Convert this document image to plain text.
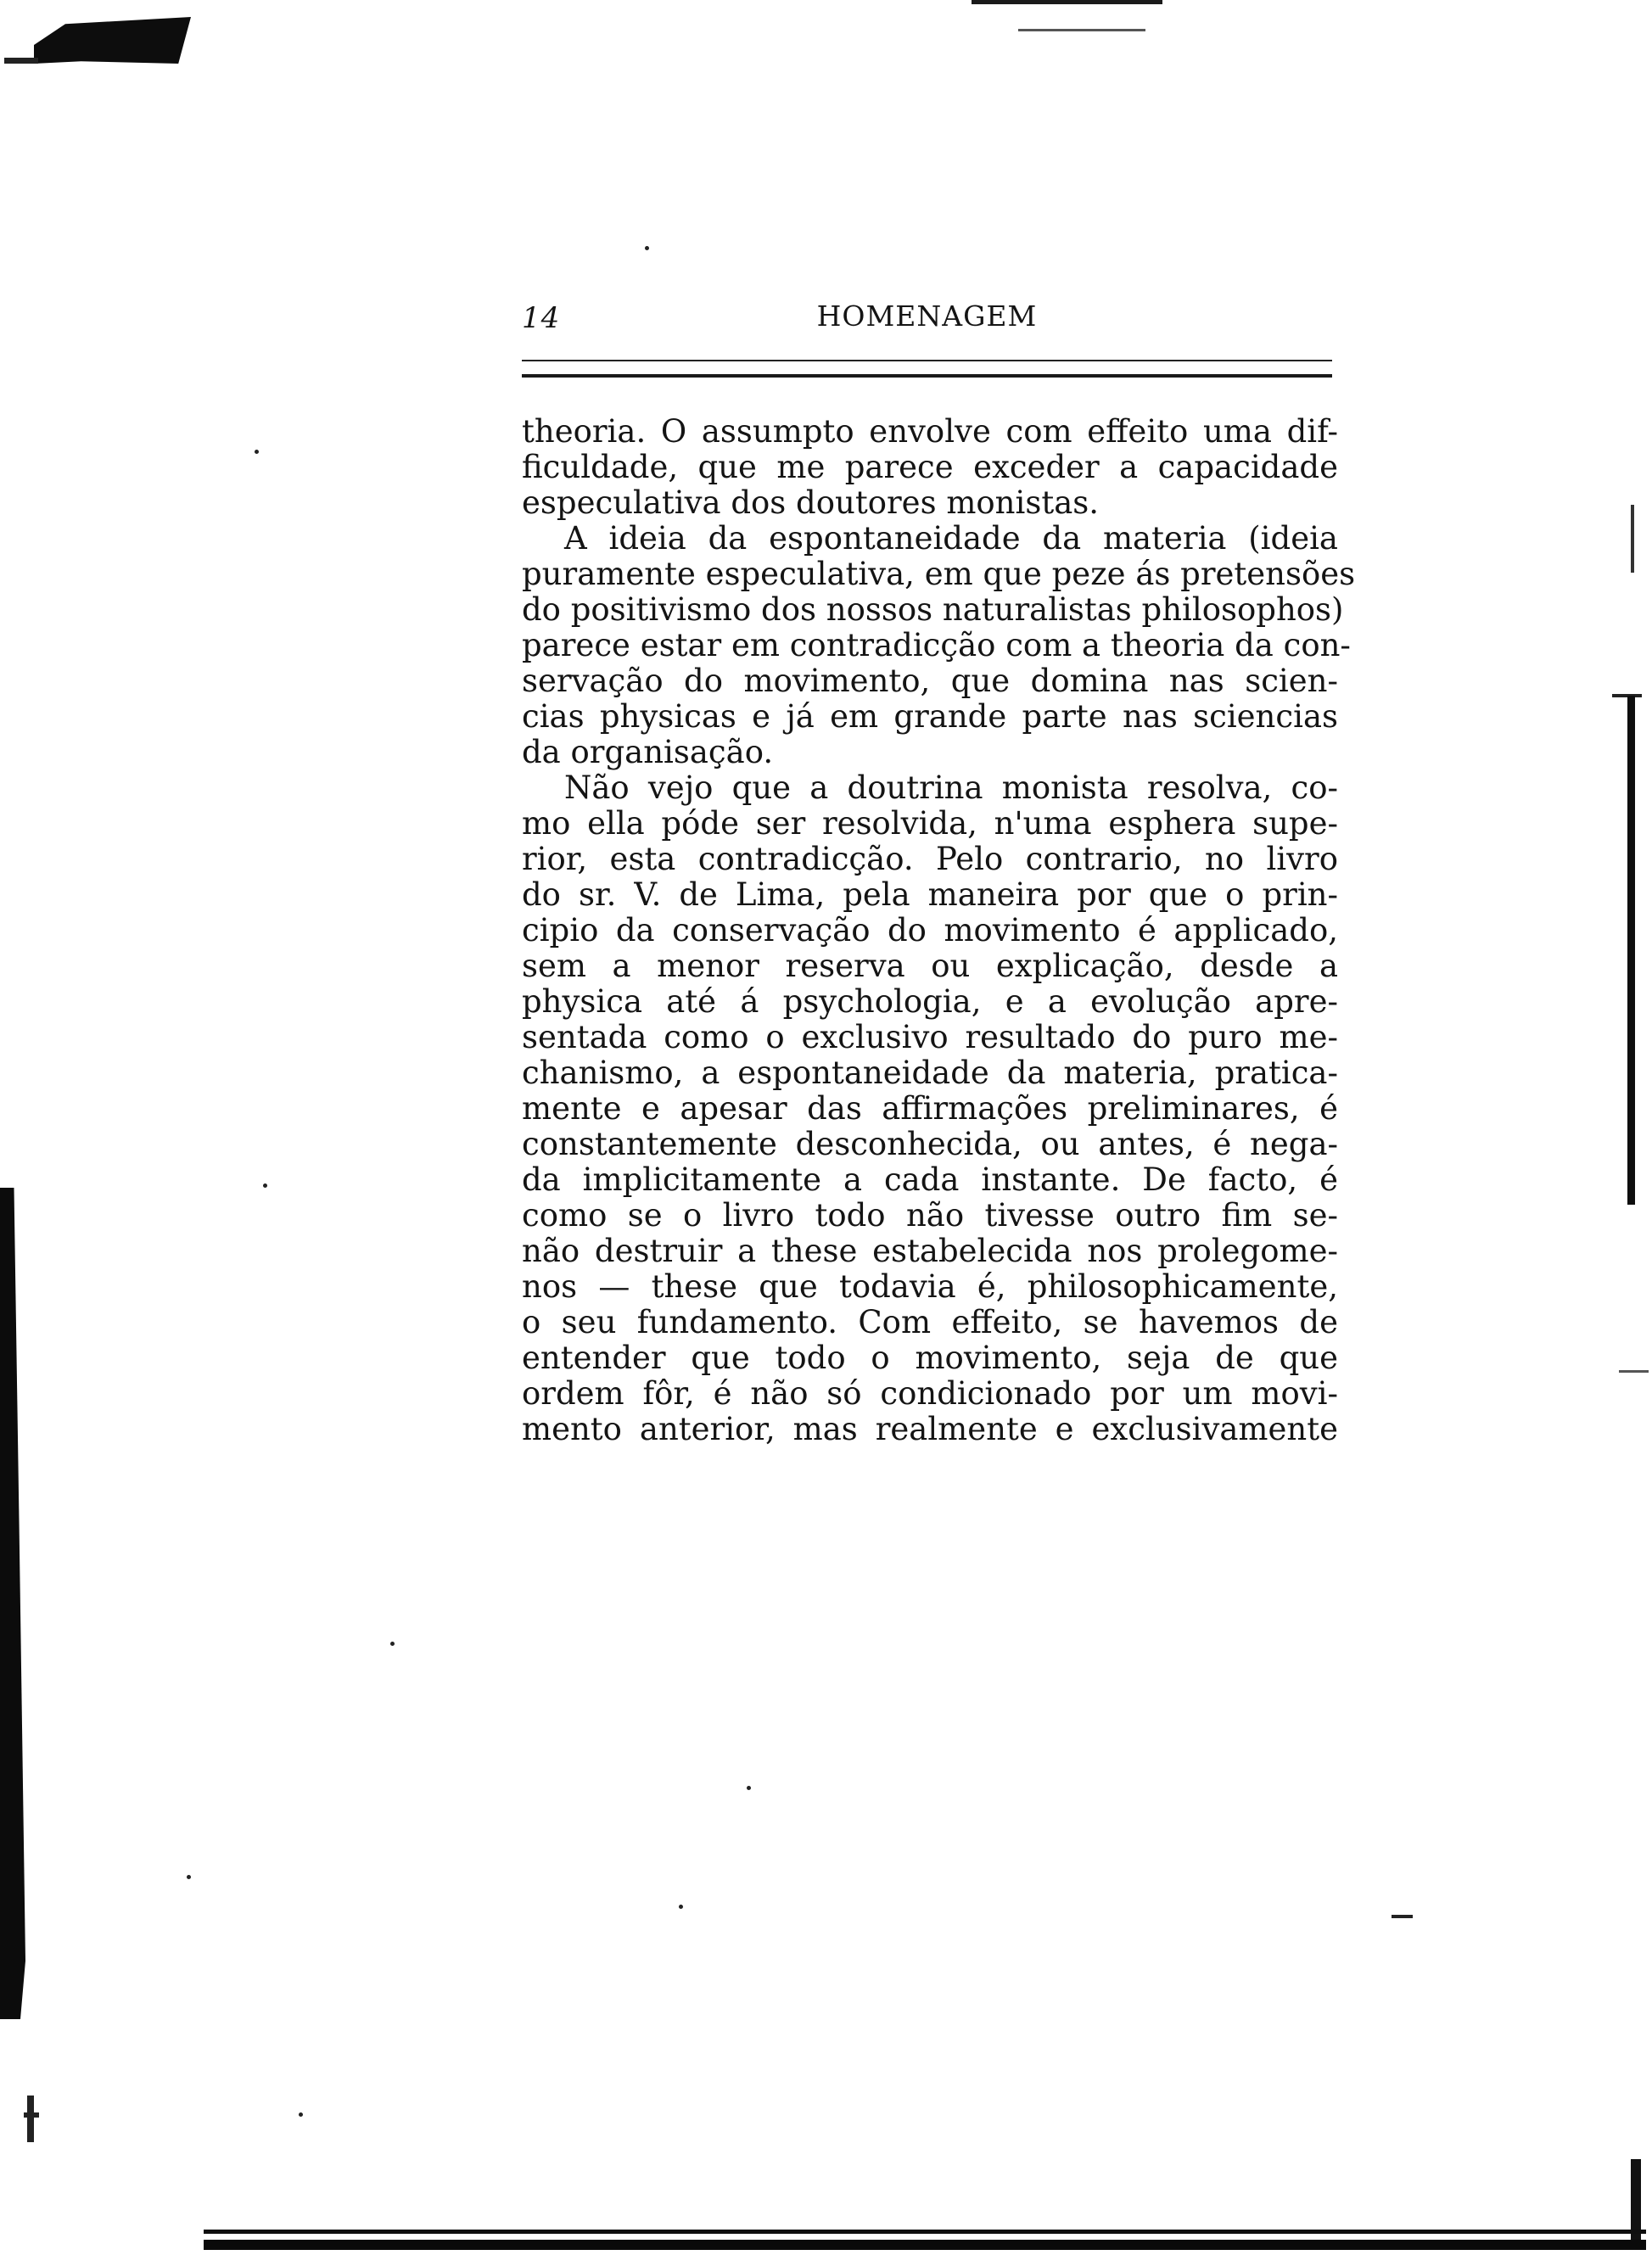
14	HOMENAGEM
theoria. O assumpto envolve com effeito uma dif-
ficuldade, que me parece exceder a capacidade
especulativa dos doutores monistas.
A ideia da espontaneidade da materia (ideia
puramente especulativa, em que peze ás pretensões
do positivismo dos nossos naturalistas philosophos)
parece estar em contradicção com a theoria da con-
servação do movimento, que domina nas scien-
cias physicas e já em grande parte nas sciencias
da organisação.
Não vejo que a doutrina monista resolva, co-
mo ella póde ser resolvida, n'uma esphera supe-
rior, esta contradicção. Pelo contrario, no livro
do sr. V. de Lima, pela maneira por que o prin-
cipio da conservação do movimento é applicado,
sem a menor reserva ou explicação, desde a
physica até á psychologia, e a evolução apre-
sentada como o exclusivo resultado do puro me-
chanismo, a espontaneidade da materia, pratica-
mente e apesar das affirmações preliminares, é
constantemente desconhecida, ou antes, é nega-
da implicitamente a cada instante. De facto, é
como se o livro todo não tivesse outro fim se-
não destruir a these estabelecida nos prolegome-
nos — these que todavia é, philosophicamente,
o seu fundamento. Com effeito, se havemos de
entender que todo o movimento, seja de que
ordem fôr, é não só condicionado por um movi-
mento anterior, mas realmente e exclusivamente
